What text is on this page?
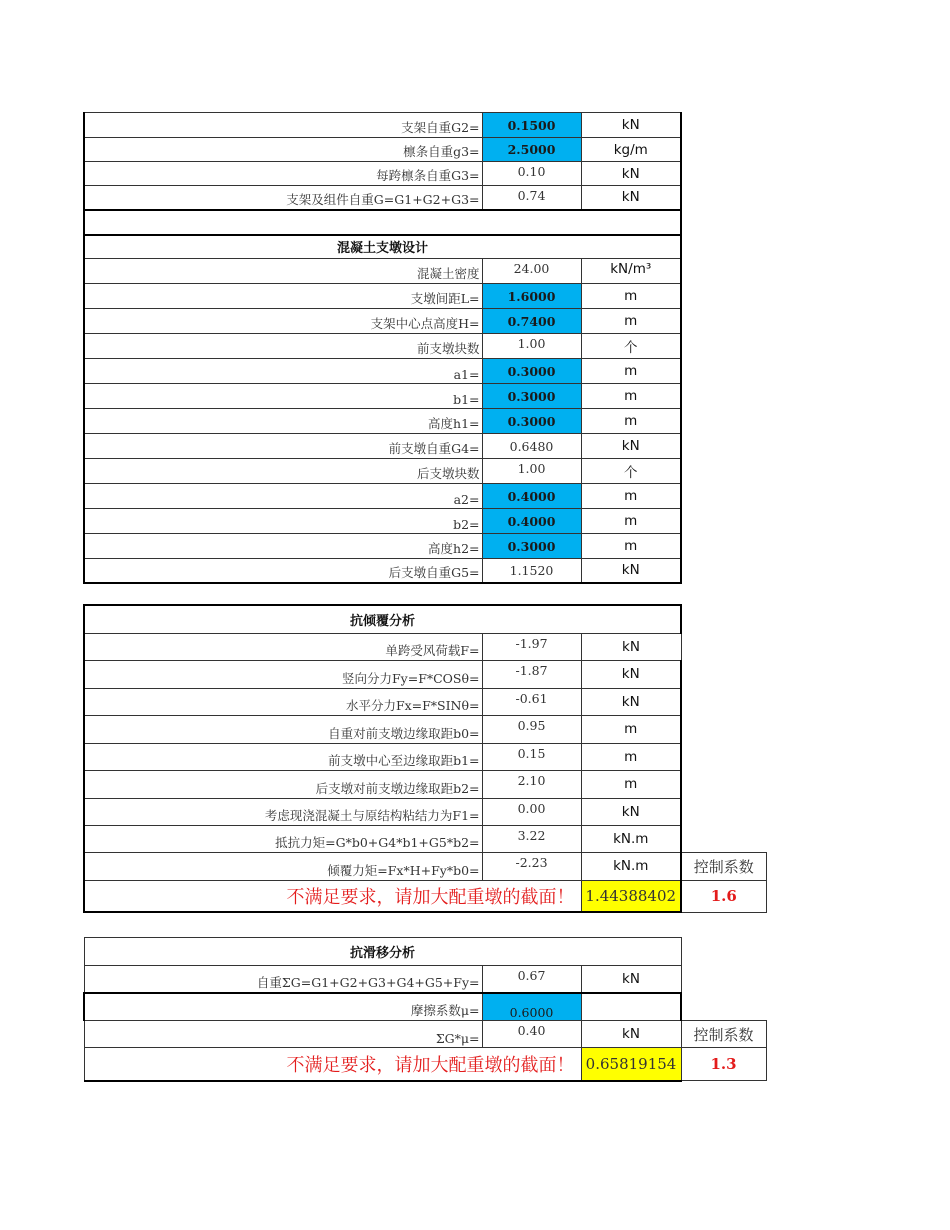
支架自重G2=	0.1500	kN
檩条自重g3=	2.5000	kg/m
每跨檩条自重G3=	0.10	kN
支架及组件自重G=G1+G2+G3=	0.74	kN

混凝土支墩设计		
混凝土密度	24.00	kN/m³
支墩间距L=	1.6000	m
支架中心点高度H=	0.7400	m
前支墩块数	1.00	个
a1=	0.3000	m
b1=	0.3000	m
高度h1=	0.3000	m
前支墩自重G4=	0.6480	kN
后支墩块数	1.00	个
a2=	0.4000	m
b2=	0.4000	m
高度h2=	0.3000	m
后支墩自重G5=	1.1520	kN
抗倾覆分析			
单跨受风荷载F=	-1.97	kN	
竖向分力Fy=F*COSθ=	-1.87	kN	
水平分力Fx=F*SINθ=	-0.61	kN	
自重对前支墩边缘取距b0=	0.95	m	
前支墩中心至边缘取距b1=	0.15	m	
后支墩对前支墩边缘取距b2=	2.10	m	
考虑现浇混凝土与原结构粘结力为F1=	0.00	kN	
抵抗力矩=G*b0+G4*b1+G5*b2=	3.22	kN.m	
倾覆力矩=Fx*H+Fy*b0=	-2.23	kN.m	控制系数
不满足要求，请加大配重墩的截面！		1.44388402	1.6
抗滑移分析			
自重ΣG=G1+G2+G3+G4+G5+Fy=	0.67	kN	
摩擦系数μ=	0.6000		
ΣG*μ=	0.40	kN	控制系数
不满足要求，请加大配重墩的截面！		0.65819154	1.3
